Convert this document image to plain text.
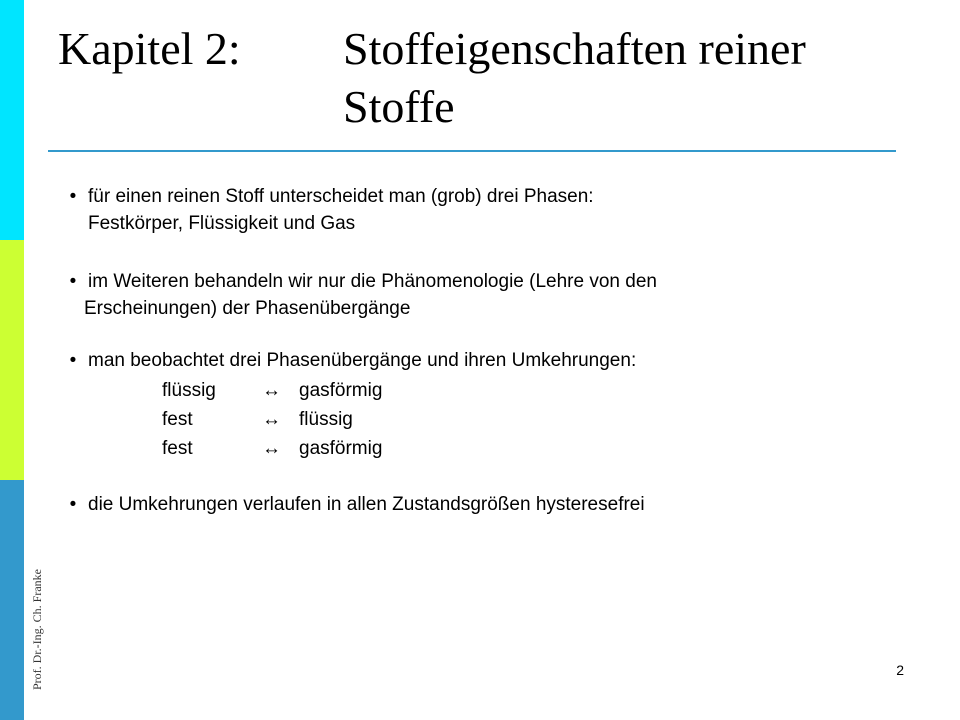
Prof. Dr.-Ing. Ch. Franke
Kapitel 2: Stoffeigenschaften reiner
Stoffe
• für einen reinen Stoff unterscheidet man (grob) drei Phasen:
Festkörper, Flüssigkeit und Gas
• im Weiteren behandeln wir nur die Phänomenologie (Lehre von den
Erscheinungen) der Phasenübergänge
• man beobachtet drei Phasenübergänge und ihren Umkehrungen:
flüssig	↔ gasförmig
fest	↔ flüssig
fest	↔ gasförmig
• die Umkehrungen verlaufen in allen Zustandsgrößen hysteresefrei
2
